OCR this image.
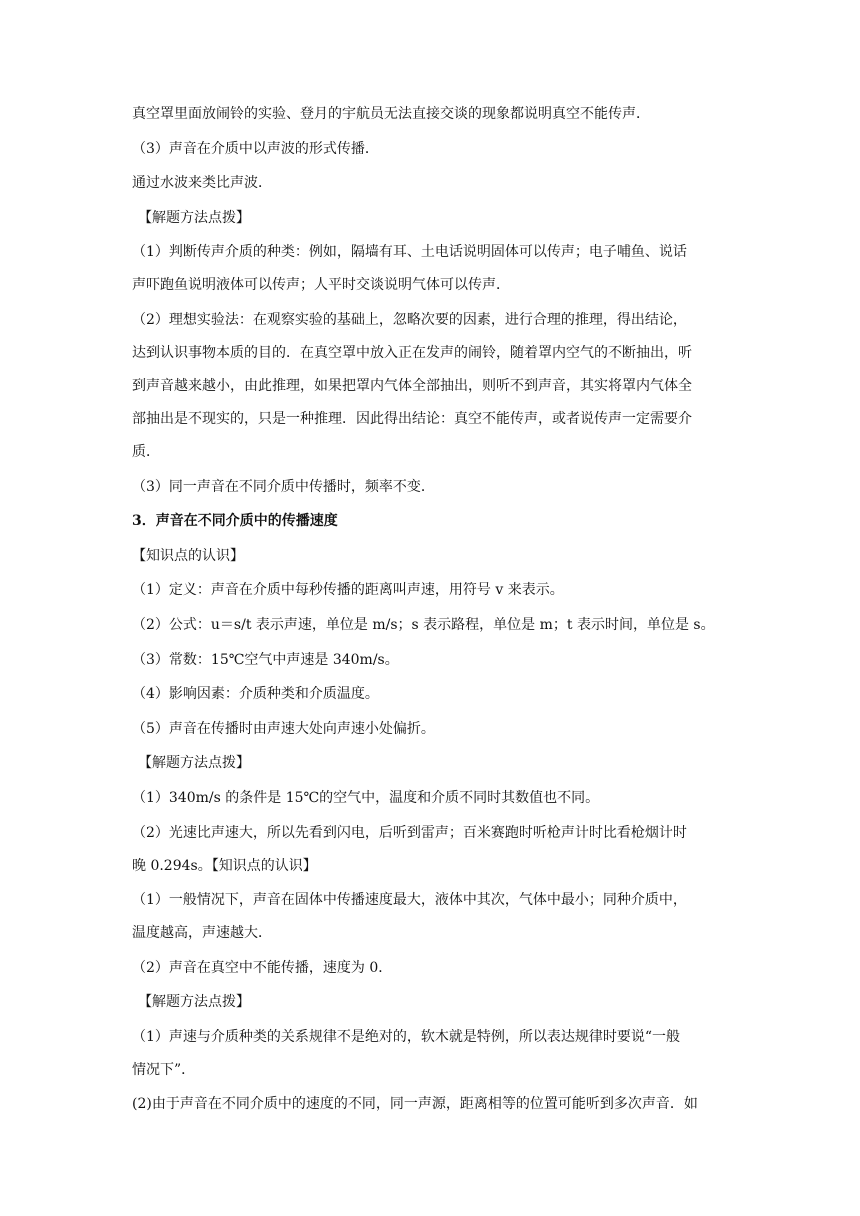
真空罩里面放闹铃的实验、登月的宇航员无法直接交谈的现象都说明真空不能传声．

（3）声音在介质中以声波的形式传播．

通过水波来类比声波．

【解题方法点拨】

（1）判断传声介质的种类：例如，隔墙有耳、土电话说明固体可以传声；电子哺鱼、说话

声吓跑鱼说明液体可以传声；人平时交谈说明气体可以传声．

（2）理想实验法：在观察实验的基础上，忽略次要的因素，进行合理的推理，得出结论，

达到认识事物本质的目的．在真空罩中放入正在发声的闹铃，随着罩内空气的不断抽出，听

到声音越来越小，由此推理，如果把罩内气体全部抽出，则听不到声音，其实将罩内气体全

部抽出是不现实的，只是一种推理．因此得出结论：真空不能传声，或者说传声一定需要介

质．

（3）同一声音在不同介质中传播时，频率不变．

3．声音在不同介质中的传播速度

【知识点的认识】

（1）定义：声音在介质中每秒传播的距离叫声速，用符号 v 来表示。

（2）公式：u＝s/t 表示声速，单位是 m/s；s 表示路程，单位是 m；t 表示时间，单位是 s。

（3）常数：15℃空气中声速是 340m/s。

（4）影响因素：介质种类和介质温度。

（5）声音在传播时由声速大处向声速小处偏折。

【解题方法点拨】

（1）340m/s 的条件是 15℃的空气中，温度和介质不同时其数值也不同。

（2）光速比声速大，所以先看到闪电，后听到雷声；百米赛跑时听枪声计时比看枪烟计时

晚 0.294s。【知识点的认识】

（1）一般情况下，声音在固体中传播速度最大，液体中其次，气体中最小；同种介质中，

温度越高，声速越大．

（2）声音在真空中不能传播，速度为 0．

【解题方法点拨】

（1）声速与介质种类的关系规律不是绝对的，软木就是特例，所以表达规律时要说“一般

情况下”．

(2)由于声音在不同介质中的速度的不同，同一声源，距离相等的位置可能听到多次声音．如
